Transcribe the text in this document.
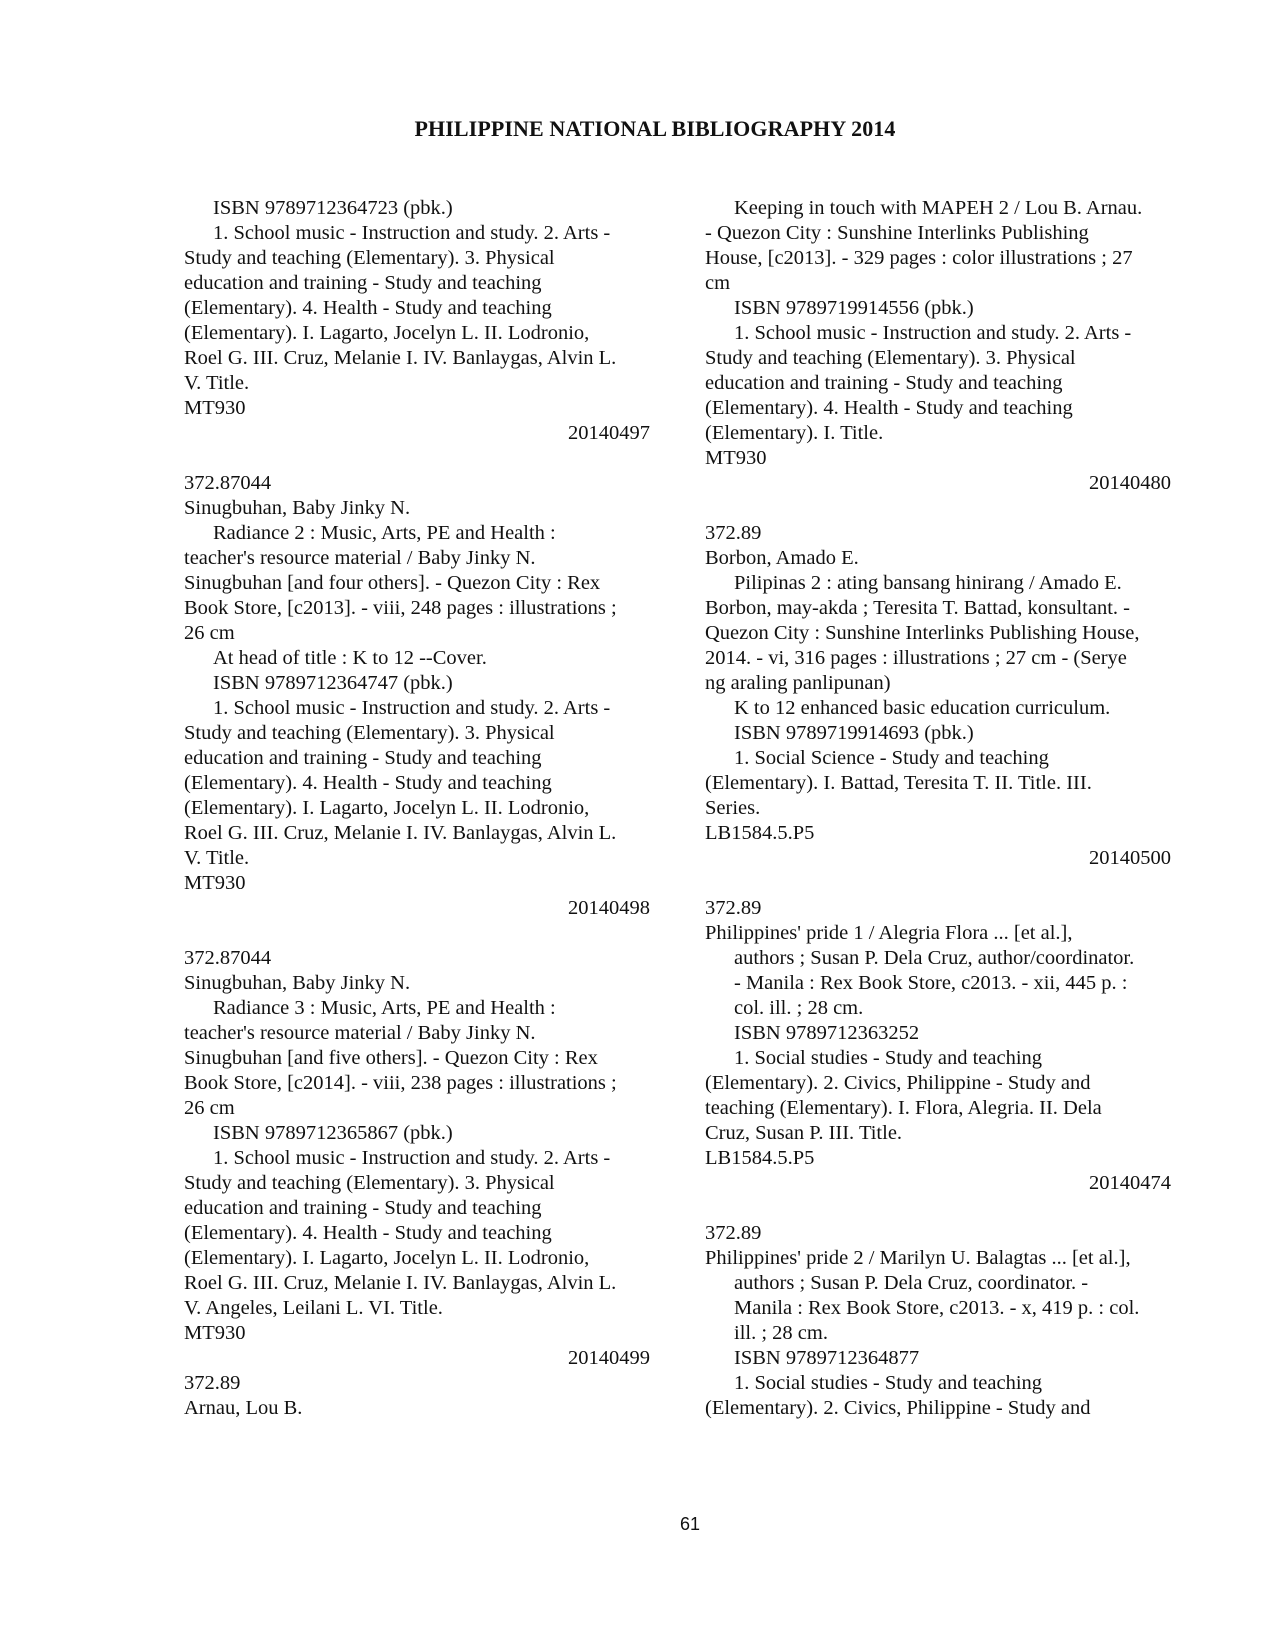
PHILIPPINE NATIONAL BIBLIOGRAPHY 2014
ISBN 9789712364723 (pbk.)
1. School music - Instruction and study. 2. Arts -
Study and teaching (Elementary). 3. Physical
education and training - Study and teaching
(Elementary). 4. Health - Study and teaching
(Elementary). I. Lagarto, Jocelyn L. II. Lodronio,
Roel G. III. Cruz, Melanie I. IV. Banlaygas, Alvin L.
V. Title.
MT930
20140497
372.87044
Sinugbuhan, Baby Jinky N.
Radiance 2 : Music, Arts, PE and Health :
teacher's resource material / Baby Jinky N.
Sinugbuhan [and four others]. - Quezon City : Rex
Book Store, [c2013]. - viii, 248 pages : illustrations ;
26 cm
At head of title : K to 12 --Cover.
ISBN 9789712364747 (pbk.)
1. School music - Instruction and study. 2. Arts -
Study and teaching (Elementary). 3. Physical
education and training - Study and teaching
(Elementary). 4. Health - Study and teaching
(Elementary). I. Lagarto, Jocelyn L. II. Lodronio,
Roel G. III. Cruz, Melanie I. IV. Banlaygas, Alvin L.
V. Title.
MT930
20140498
372.87044
Sinugbuhan, Baby Jinky N.
Radiance 3 : Music, Arts, PE and Health :
teacher's resource material / Baby Jinky N.
Sinugbuhan [and five others]. - Quezon City : Rex
Book Store, [c2014]. - viii, 238 pages : illustrations ;
26 cm
ISBN 9789712365867 (pbk.)
1. School music - Instruction and study. 2. Arts -
Study and teaching (Elementary). 3. Physical
education and training - Study and teaching
(Elementary). 4. Health - Study and teaching
(Elementary). I. Lagarto, Jocelyn L. II. Lodronio,
Roel G. III. Cruz, Melanie I. IV. Banlaygas, Alvin L.
V. Angeles, Leilani L. VI. Title.
MT930
20140499
372.89
Arnau, Lou B.
Keeping in touch with MAPEH 2 / Lou B. Arnau.
- Quezon City : Sunshine Interlinks Publishing
House, [c2013]. - 329 pages : color illustrations ; 27
cm
ISBN 9789719914556 (pbk.)
1. School music - Instruction and study. 2. Arts -
Study and teaching (Elementary). 3. Physical
education and training - Study and teaching
(Elementary). 4. Health - Study and teaching
(Elementary). I. Title.
MT930
20140480
372.89
Borbon, Amado E.
Pilipinas 2 : ating bansang hinirang / Amado E.
Borbon, may-akda ; Teresita T. Battad, konsultant. -
Quezon City : Sunshine Interlinks Publishing House,
2014. - vi, 316 pages : illustrations ; 27 cm - (Serye
ng araling panlipunan)
K to 12 enhanced basic education curriculum.
ISBN 9789719914693 (pbk.)
1. Social Science - Study and teaching
(Elementary). I. Battad, Teresita T. II. Title. III.
Series.
LB1584.5.P5
20140500
372.89
Philippines' pride 1 / Alegria Flora ... [et al.],
authors ; Susan P. Dela Cruz, author/coordinator.
- Manila : Rex Book Store, c2013. - xii, 445 p. :
col. ill. ; 28 cm.
ISBN 9789712363252
1. Social studies - Study and teaching
(Elementary). 2. Civics, Philippine - Study and
teaching (Elementary). I. Flora, Alegria. II. Dela
Cruz, Susan P. III. Title.
LB1584.5.P5
20140474
372.89
Philippines' pride 2 / Marilyn U. Balagtas ... [et al.],
authors ; Susan P. Dela Cruz, coordinator. -
Manila : Rex Book Store, c2013. - x, 419 p. : col.
ill. ; 28 cm.
ISBN 9789712364877
1. Social studies - Study and teaching
(Elementary). 2. Civics, Philippine - Study and
61
